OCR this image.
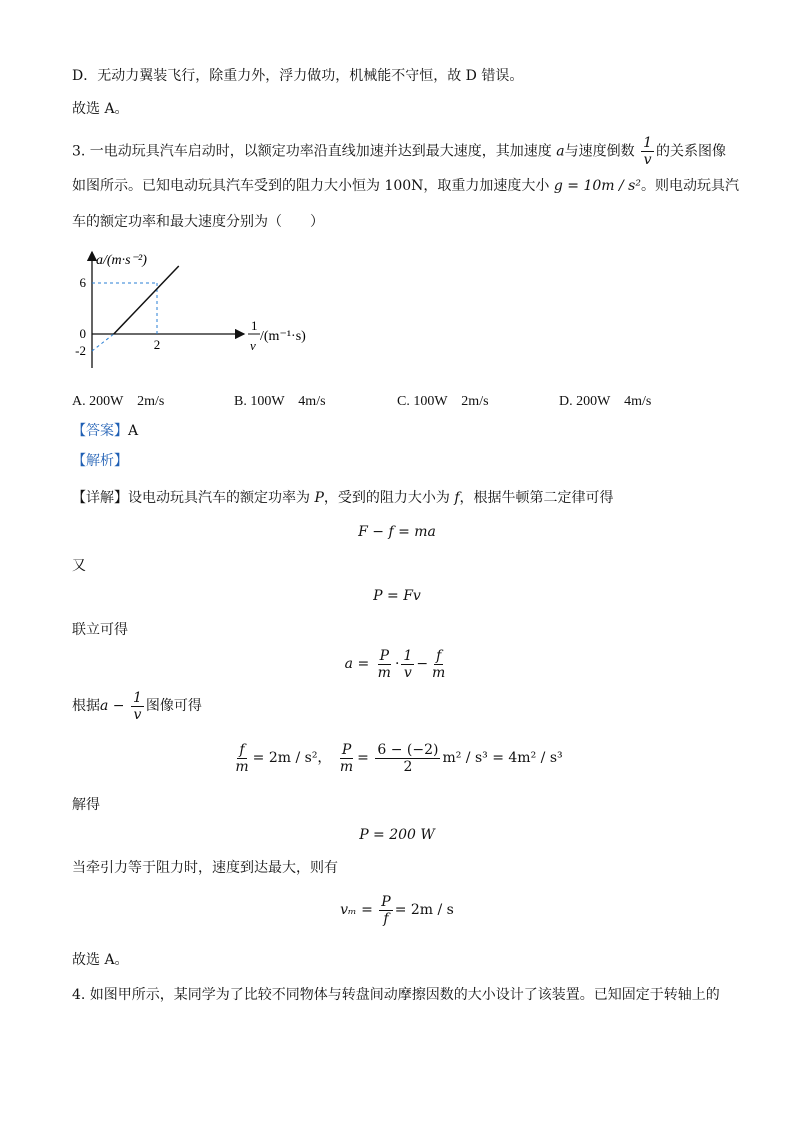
D．无动力翼装飞行，除重力外，浮力做功，机械能不守恒，故 D 错误。
故选 A。
3. 一电动玩具汽车启动时，以额定功率沿直线加速并达到最大速度，其加速度 a与速度倒数 $\frac{1}{v}$ 的关系图像
如图所示。已知电动玩具汽车受到的阻力大小恒为 100N，取重力加速度大小 g = 10m / s²。则电动玩具汽
车的额定功率和最大速度分别为（　　）
6
0
-2	2
a/(m·s⁻²)
1
v
/(m⁻¹·s)
A. 200W　2m/s	B. 100W　4m/s	C. 100W　2m/s	D. 200W　4m/s
【答案】A
【解析】
【详解】设电动玩具汽车的额定功率为 P，受到的阻力大小为 f，根据牛顿第二定律可得
F − f = ma
又
P = Fv
联立可得
$a = \frac{P}{m} \cdot \frac{1}{v} - \frac{f}{m}$
根据$a - \frac{1}{v}$ 图像可得
$\frac{f}{m} = 2m / s^2$， $\frac{P}{m} = \frac{6 - (-2)}{2} m^2 / s^3 = 4m^2 / s^3$
解得
P = 200 W
当牵引力等于阻力时，速度到达最大，则有
$v_m = \frac{P}{f} = 2m / s$
故选 A。
4. 如图甲所示，某同学为了比较不同物体与转盘间动摩擦因数的大小设计了该装置。已知固定于转轴上的
